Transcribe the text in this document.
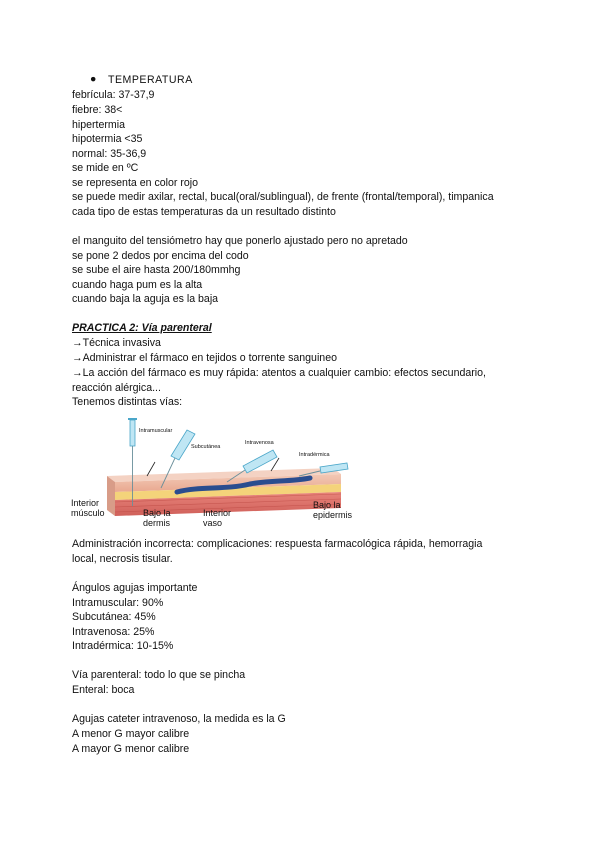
● TEMPERATURA
febrícula: 37-37,9
fiebre: 38<
hipertermia
hipotermia <35
normal: 35-36,9
se mide en ºC
se representa en color rojo
se puede medir axilar, rectal, bucal(oral/sublingual), de frente (frontal/temporal), timpanica
cada tipo de estas temperaturas da un resultado distinto
el manguito del tensiómetro hay que ponerlo ajustado pero no apretado
se pone 2 dedos por encima del codo
se sube el aire hasta 200/180mmhg
cuando haga pum es la alta
cuando baja la aguja es la baja
PRACTICA 2: Vía parenteral
→Técnica invasiva
→Administrar el fármaco en tejidos o torrente sanguineo
→La acción del fármaco es muy rápida: atentos a cualquier cambio: efectos secundario,
reacción alérgica...
Tenemos distintas vías:
Intramuscular
Subcutánea
Intravenosa
Intradérmica
Interior
músculo	Bajo la
dermis
Interior
vaso
Bajo la
epidermis
Administración incorrecta: complicaciones: respuesta farmacológica rápida, hemorragia
local, necrosis tisular.
Ángulos agujas importante
Intramuscular: 90%
Subcutánea: 45%
Intravenosa: 25%
Intradérmica: 10-15%
Vía parenteral: todo lo que se pincha
Enteral: boca
Agujas cateter intravenoso, la medida es la G
A menor G mayor calibre
A mayor G menor calibre
